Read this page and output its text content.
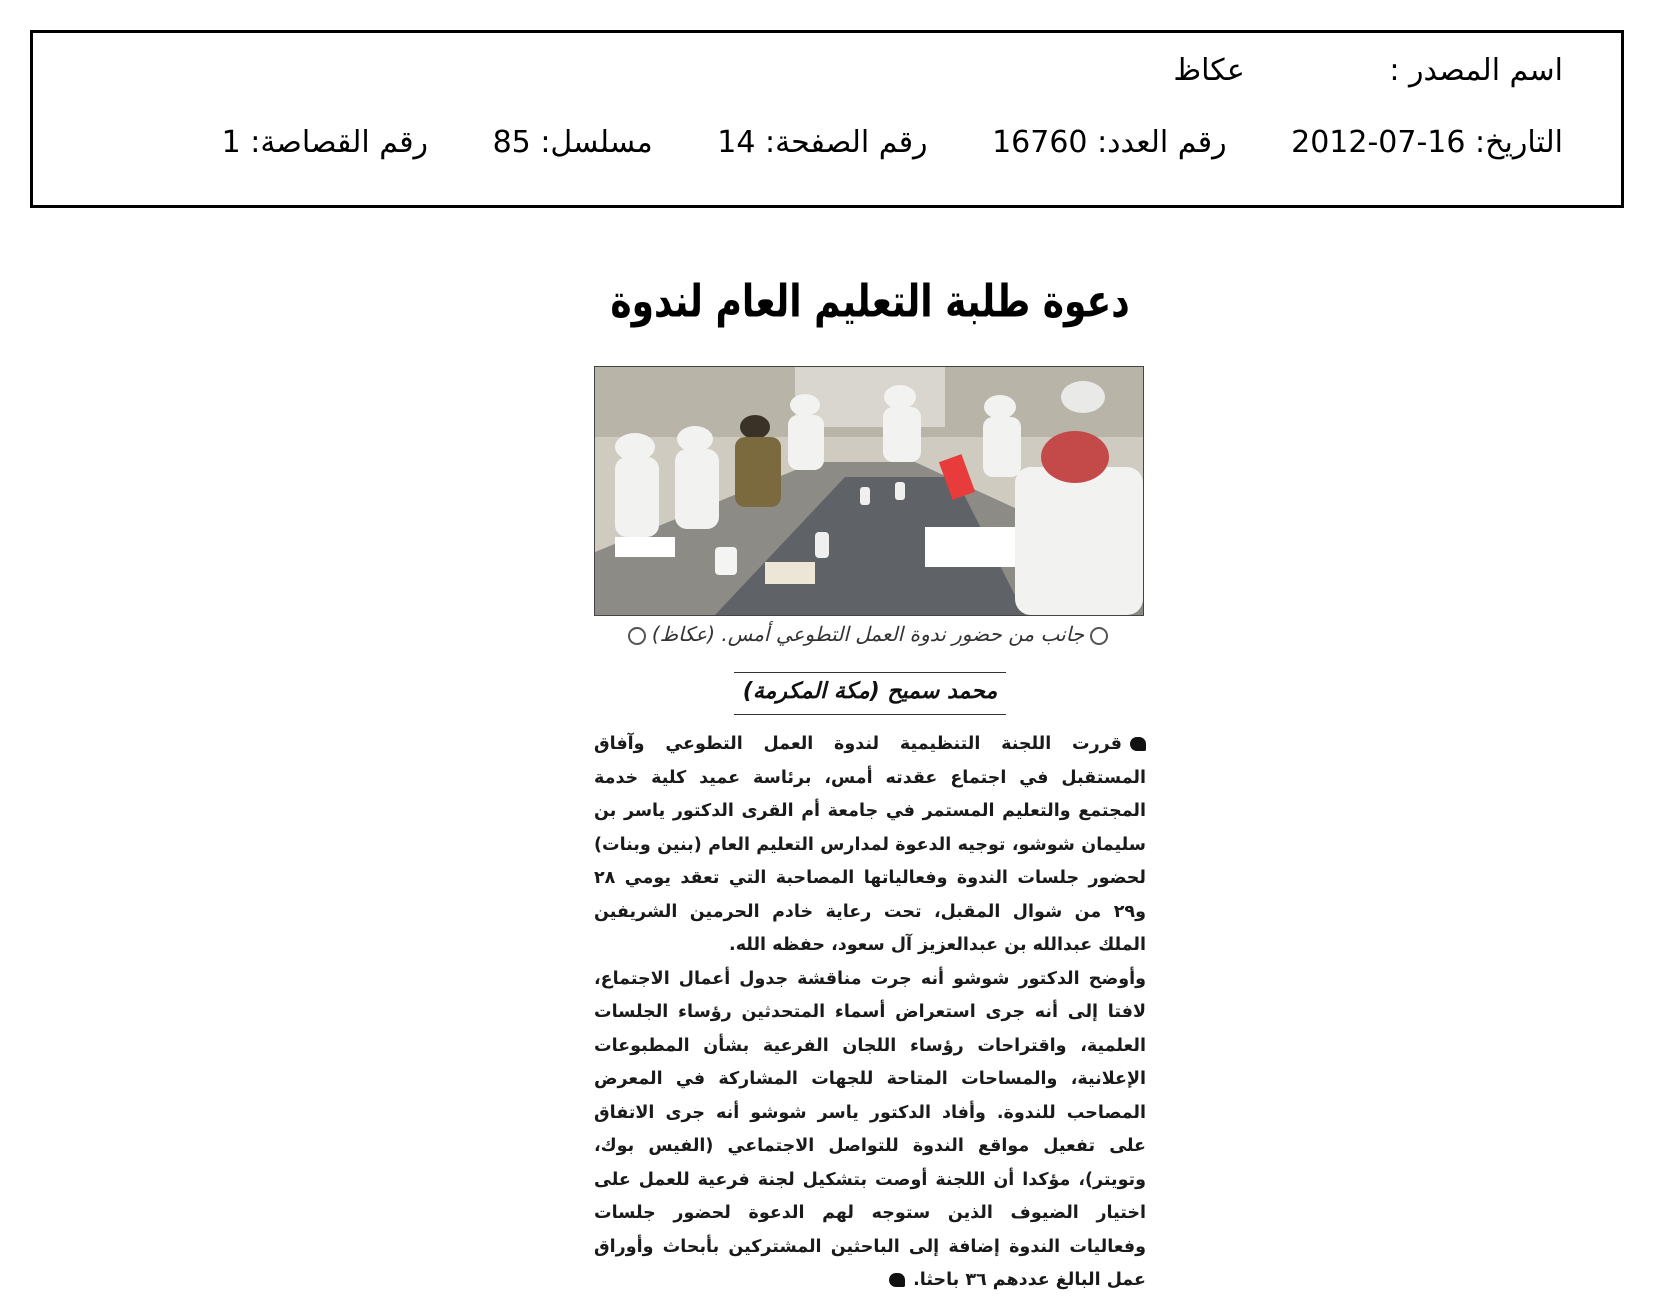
اسم المصدر : عكاظ
التاريخ: 2012-07-16 رقم العدد: 16760 رقم الصفحة: 14 مسلسل: 85 رقم القصاصة: 1
دعوة طلبة التعليم العام لندوة
جانب من حضور ندوة العمل التطوعي أمس. (عكاظ)
محمد سميح (مكة المكرمة)

قررت اللجنة التنظيمية لندوة العمل التطوعي وآفاق المستقبل في اجتماع عقدته أمس، برئاسة عميد كلية خدمة المجتمع والتعليم المستمر في جامعة أم القرى الدكتور ياسر بن سليمان شوشو، توجيه الدعوة لمدارس التعليم العام (بنين وبنات) لحضور جلسات الندوة وفعالياتها المصاحبة التي تعقد يومي ٢٨ و٢٩ من شوال المقبل، تحت رعاية خادم الحرمين الشريفين الملك عبدالله بن عبدالعزيز آل سعود، حفظه الله.

وأوضح الدكتور شوشو أنه جرت مناقشة جدول أعمال الاجتماع، لافتا إلى أنه جرى استعراض أسماء المتحدثين رؤساء الجلسات العلمية، واقتراحات رؤساء اللجان الفرعية بشأن المطبوعات الإعلانية، والمساحات المتاحة للجهات المشاركة في المعرض المصاحب للندوة. وأفاد الدكتور ياسر شوشو أنه جرى الاتفاق على تفعيل مواقع الندوة للتواصل الاجتماعي (الفيس بوك، وتويتر)، مؤكدا أن اللجنة أوصت بتشكيل لجنة فرعية للعمل على اختيار الضيوف الذين ستوجه لهم الدعوة لحضور جلسات وفعاليات الندوة إضافة إلى الباحثين المشتركين بأبحاث وأوراق عمل البالغ عددهم ٣٦ باحثا.
